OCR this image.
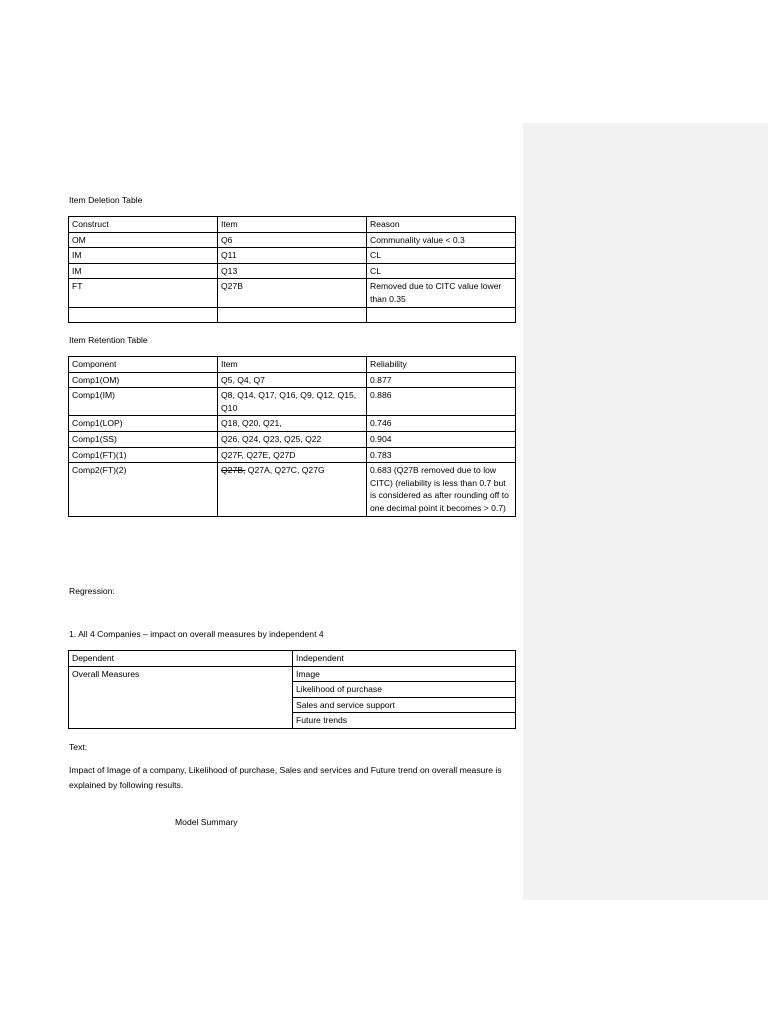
Item Deletion Table
Construct	Item	Reason
OM	Q6	Communality value < 0.3
IM	Q11	CL
IM	Q13	CL
FT	Q27B	Removed due to CITC value lower than 0.35

Item Retention Table
Component	Item	Reliability
Comp1(OM)	Q5, Q4, Q7	0.877
Comp1(IM)	Q8, Q14, Q17, Q16, Q9, Q12, Q15, Q10	0.886
Comp1(LOP)	Q18, Q20, Q21,	0.746
Comp1(SS)	Q26, Q24, Q23, Q25, Q22	0.904
Comp1(FT)(1)	Q27F, Q27E, Q27D	0.783
Comp2(FT)(2)	Q27B, Q27A, Q27C, Q27G	0.683 (Q27B removed due to low CITC) (reliability is less than 0.7 but is considered as after rounding off to one decimal point it becomes > 0.7)
Regression:
1. All 4 Companies – impact on overall measures by independent 4
Dependent	Independent
Overall Measures	Image
	Likelihood of purchase
	Sales and service support
	Future trends
Text:
Impact of Image of a company, Likelihood of purchase, Sales and services and Future trend on overall measure is explained by following results.
Model Summary
